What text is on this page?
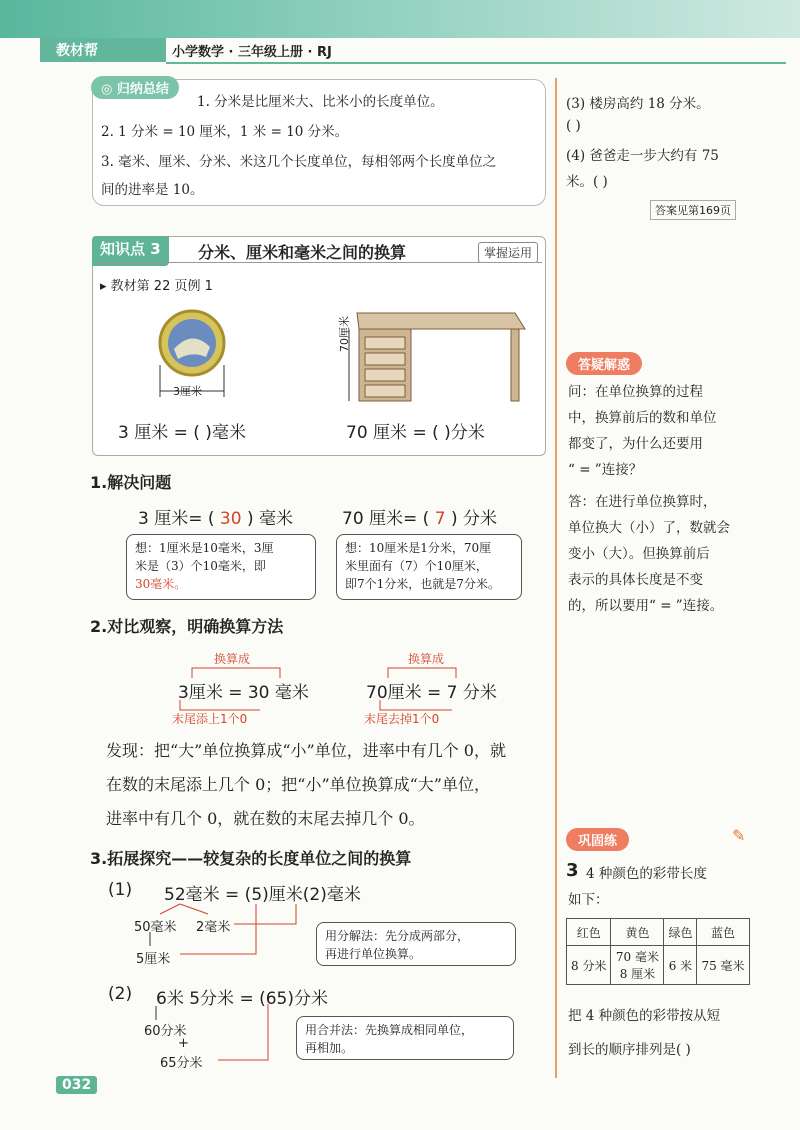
教材帮	小学数学 · 三年级上册 · RJ
◎ 归纳总结
1. 分米是比厘米大、比米小的长度单位。
2. 1 分米 = 10 厘米，1 米 = 10 分米。
3. 毫米、厘米、分米、米这几个长度单位，每相邻两个长度单位之
间的进率是 10。
(3) 楼房高约 18 分米。
( )
(4) 爸爸走一步大约有 75
米。( )
答案见第169页
知识点 3	分米、厘米和毫米之间的换算	掌握运用
▸ 教材第 22 页例 1
3厘米
70厘米
3 厘米 = ( )毫米	70 厘米 = ( )分米
1.解决问题
3 厘米= ( 30 ) 毫米	70 厘米= ( 7 ) 分米
想：1厘米是10毫米，3厘
米是（3）个10毫米，即
30毫米。
想：10厘米是1分米，70厘
米里面有（7）个10厘米，
即7个1分米，也就是7分米。
2.对比观察，明确换算方法
换算成	换算成
3厘米 = 30 毫米	70厘米 = 7 分米
末尾添上1个0	末尾去掉1个0
发现：把“大”单位换算成“小”单位，进率中有几个 0，就
在数的末尾添上几个 0；把“小”单位换算成“大”单位，
进率中有几个 0，就在数的末尾去掉几个 0。
3.拓展探究——较复杂的长度单位之间的换算
(1) 52毫米 = (5)厘米(2)毫米
50毫米 2毫米
5厘米
用分解法：先分成两部分，
再进行单位换算。
(2) 6米 5分米 = (65)分米
60分米
+
65分米
用合并法：先换算成相同单位，
再相加。
答疑解惑
问：在单位换算的过程
中，换算前后的数和单位
都变了，为什么还要用
“ = ”连接？
答：在进行单位换算时，
单位换大（小）了，数就会
变小（大）。但换算前后
表示的具体长度是不变
的，所以要用“ = ”连接。
巩固练	✎
3 4 种颜色的彩带长度
如下：
红色	黄色	绿色	蓝色
8 分米	70 毫米 8 厘米	6 米	75 毫米
把 4 种颜色的彩带按从短
到长的顺序排列是( )
032
